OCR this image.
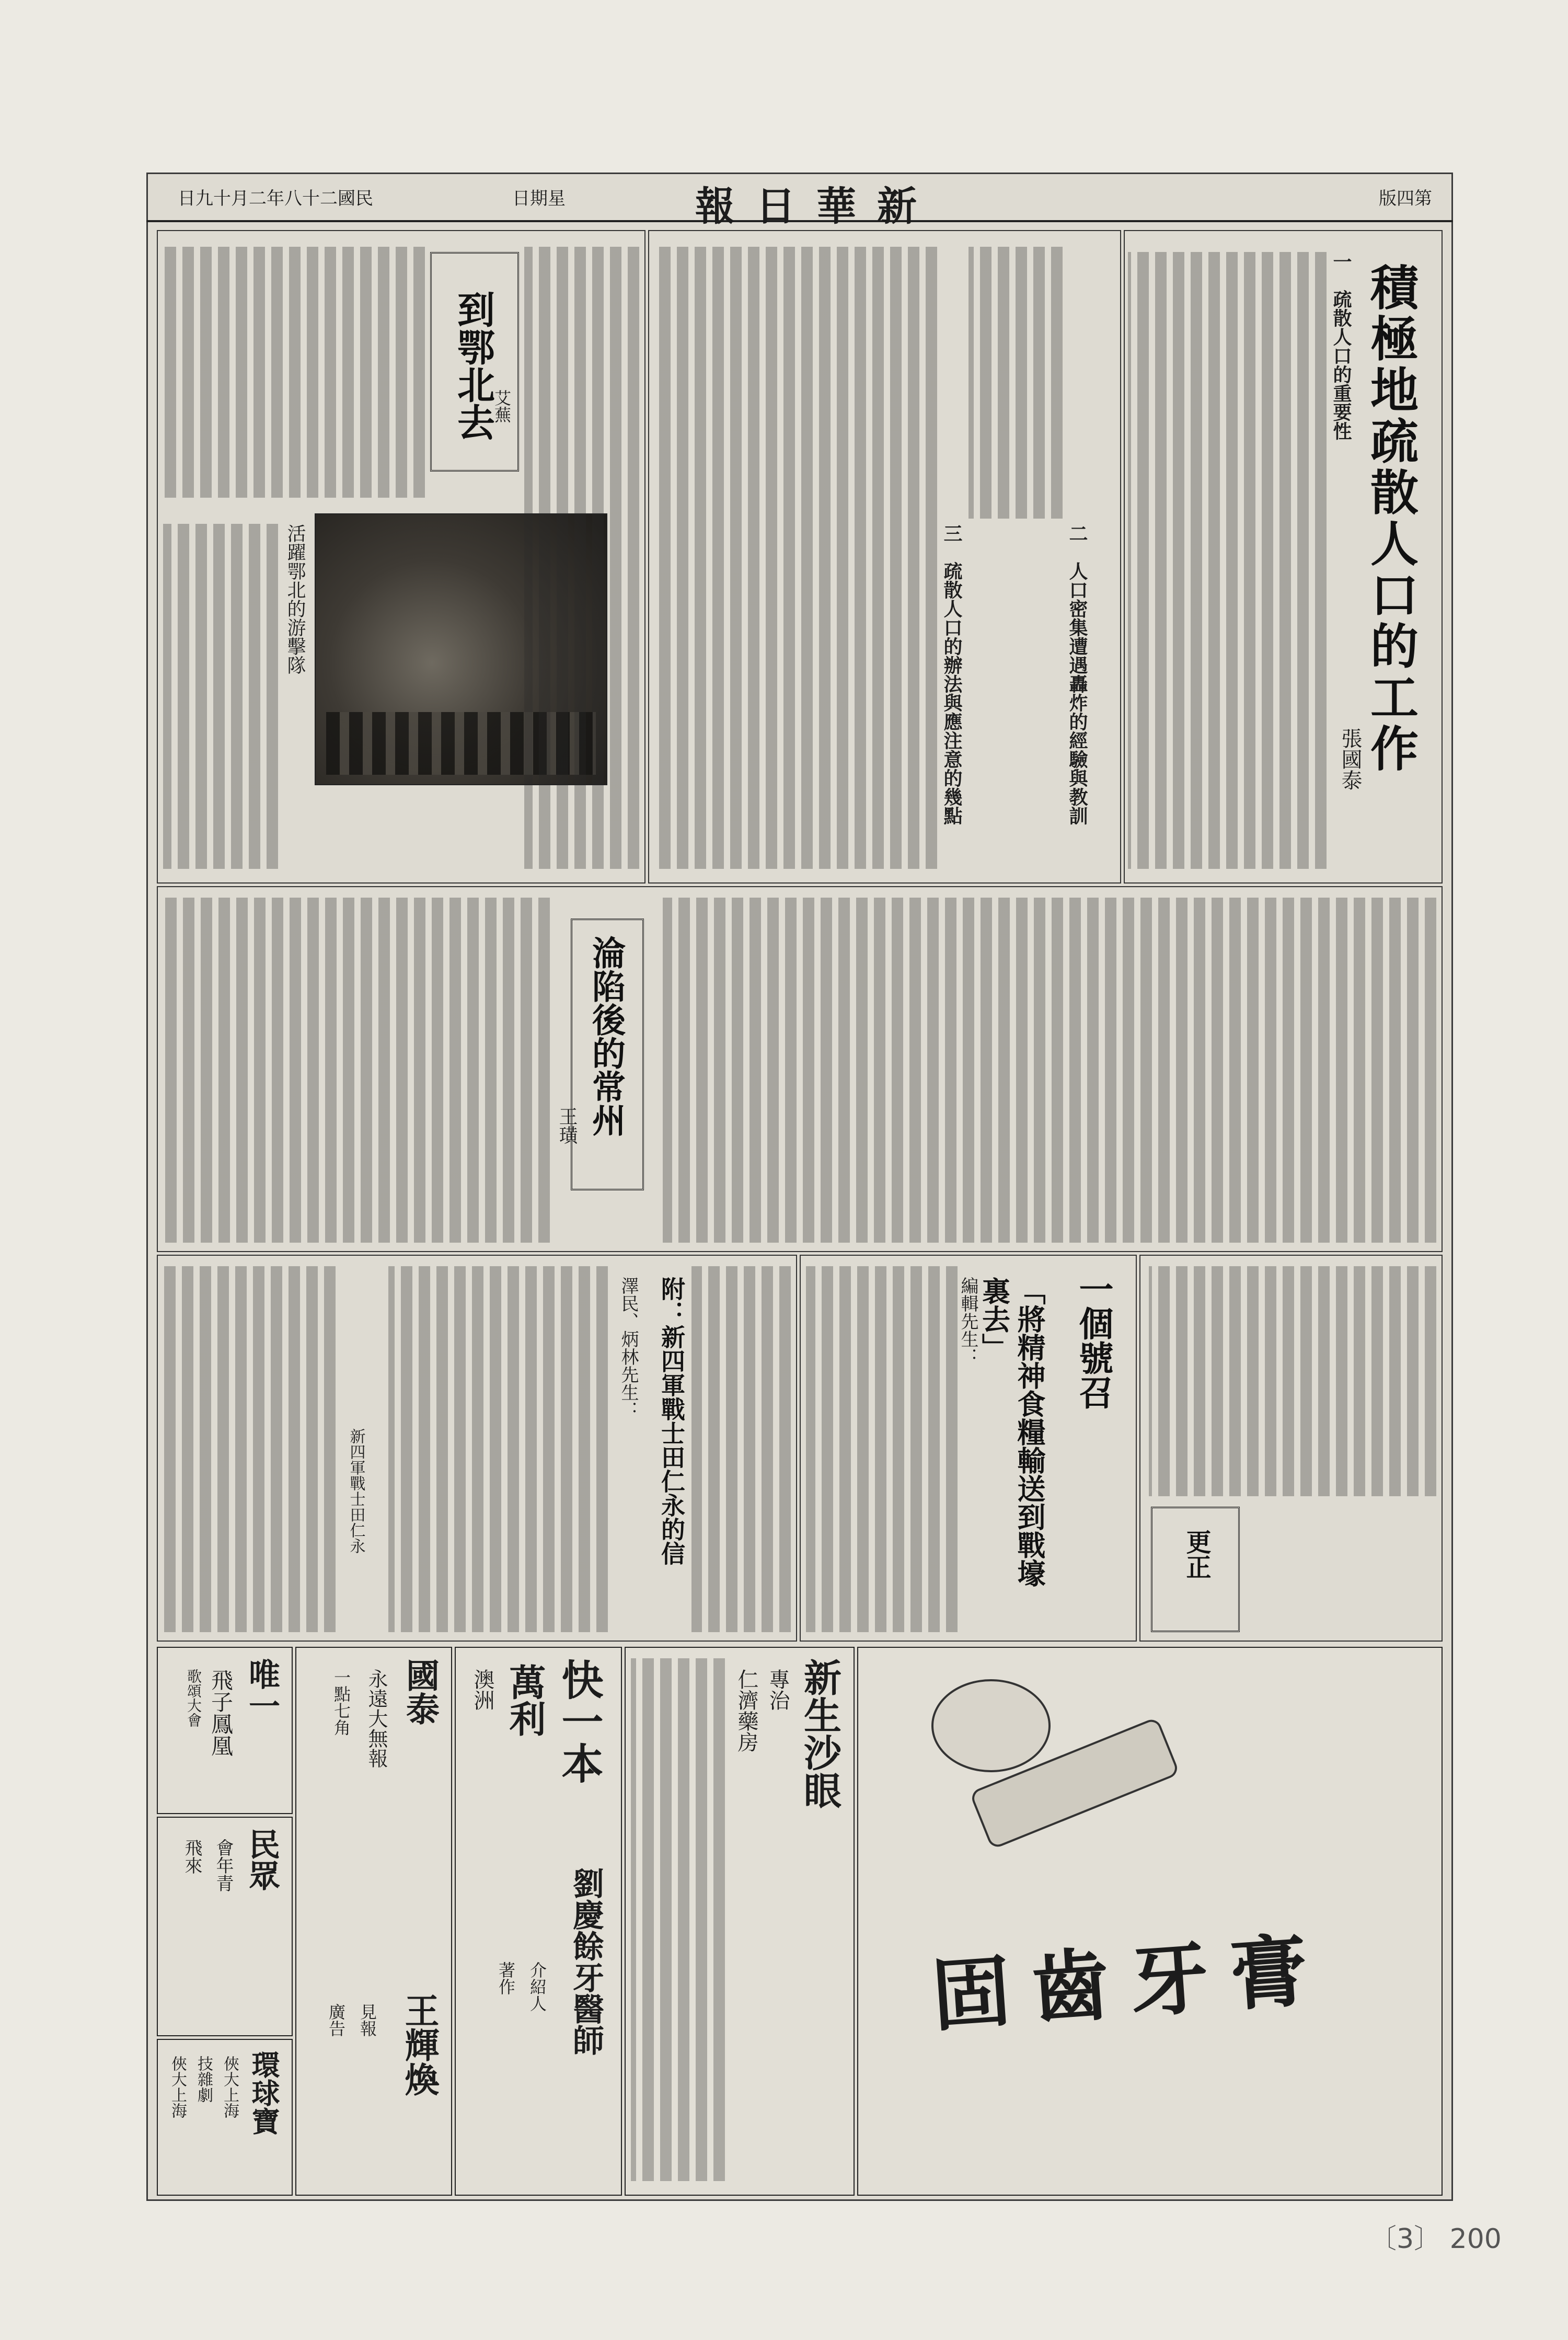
日九十月二年八十二國民	日期星	報日華新	版四第
積極地疏散人口的工作
張國泰
一　疏散人口的重要性
二　人口密集遭遇轟炸的經驗與教訓
三　疏散人口的辦法與應注意的幾點
到鄂北去
艾蕪
活躍鄂北的游擊隊
淪陷後的常州
王璜
更正
一個號召
「將精神食糧輸送到戰壕裏去」
編輯先生：
附：新四軍戰士田仁永的信
澤民、炳林先生：
新四軍戰士田仁永
唯一
飛子鳳凰
歌頌大會
民眾
會年青
飛來
環球寶
俠大上海
技雜劇
俠大上海
國泰
永遠大無報
一點七角
王輝煥
見報
廣告
快一本
萬利
澳洲
劉慶餘牙醫師
介紹人
著作
新生沙眼
專治
仁濟藥房
固齒牙膏
〔3〕 200
